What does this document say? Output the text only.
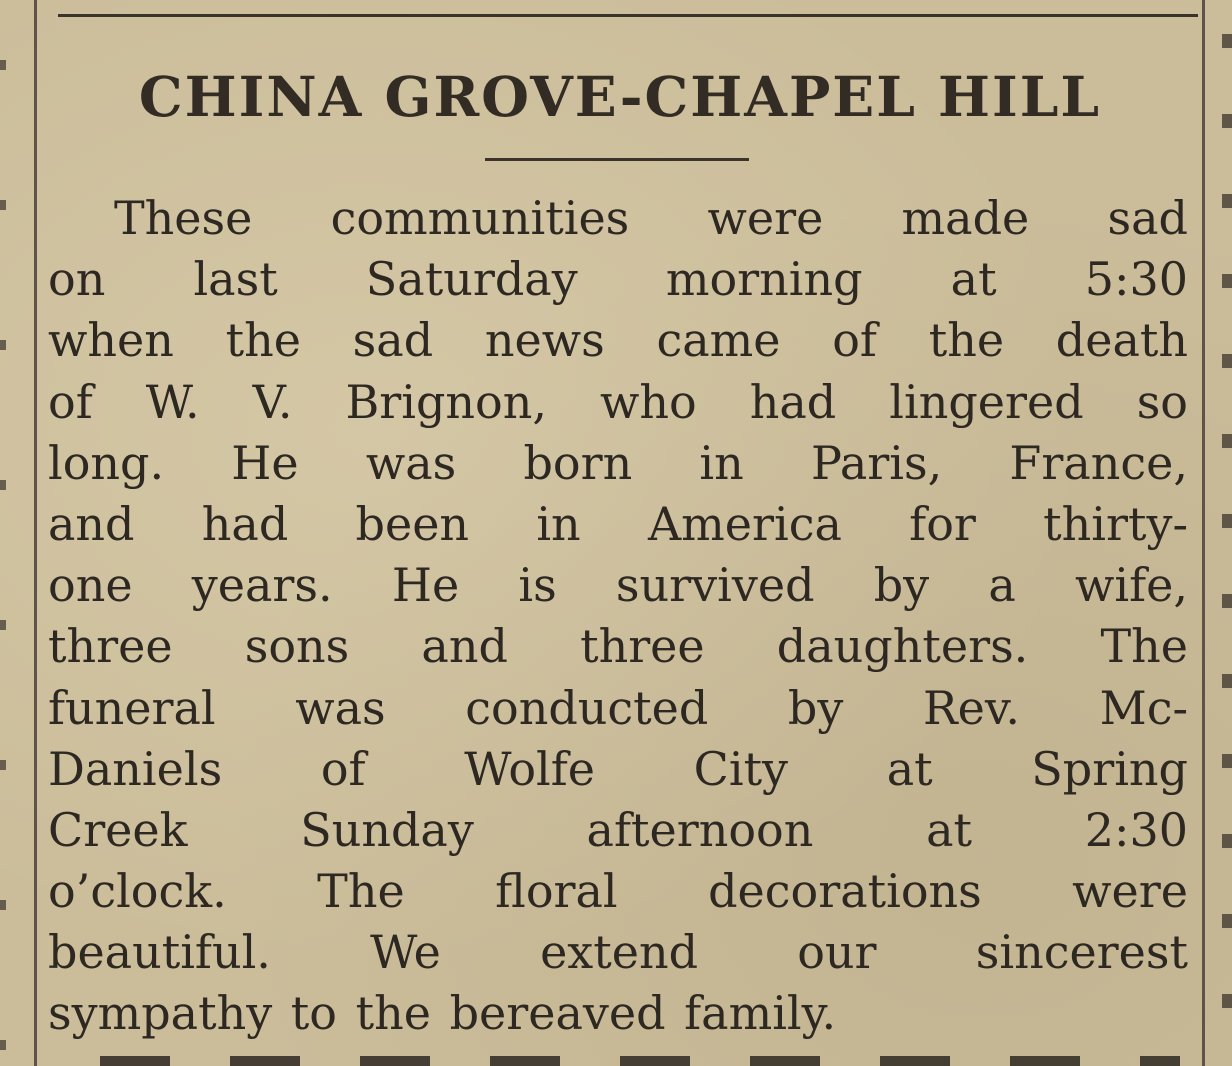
CHINA GROVE-CHAPEL HILL
These communities were made sad
on last Saturday morning at 5:30
when the sad news came of the death
of W. V. Brignon, who had lingered so
long. He was born in Paris, France,
and had been in America for thirty-
one years. He is survived by a wife,
three sons and three daughters. The
funeral was conducted by Rev. Mc-
Daniels of Wolfe City at Spring
Creek Sunday afternoon at 2:30
o’clock. The floral decorations were
beautiful. We extend our sincerest
sympathy to the bereaved family.
